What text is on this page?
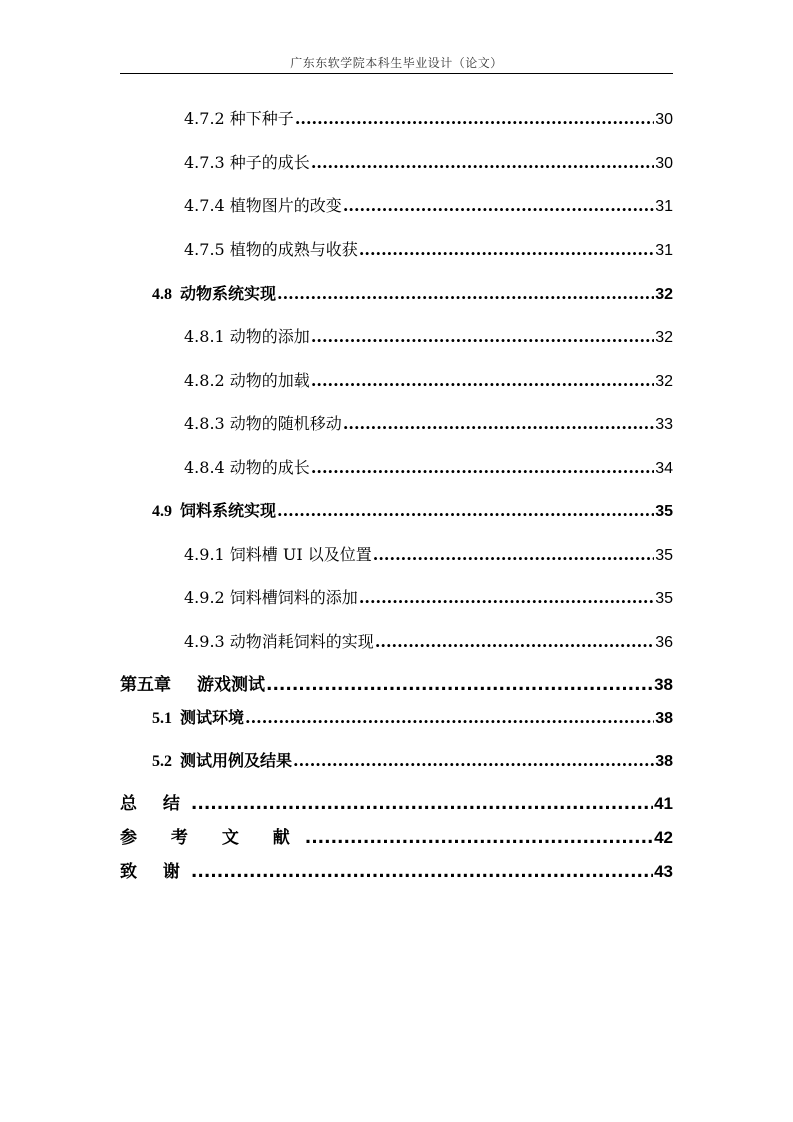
广东东软学院本科生毕业设计（论文）
4.7.2 种下种子 .....	30
4.7.3 种子的成长 .....	30
4.7.4 植物图片的改变 .....	31
4.7.5 植物的成熟与收获 .....	31
4.8 动物系统实现 .....	32
4.8.1 动物的添加 .....	32
4.8.2 动物的加载 .....	32
4.8.3 动物的随机移动 .....	33
4.8.4 动物的成长 .....	34
4.9 饲料系统实现 .....	35
4.9.1 饲料槽 UI 以及位置 .....	35
4.9.2 饲料槽饲料的添加 .....	35
4.9.3 动物消耗饲料的实现 .....	36
第五章 游戏测试 .....	38
5.1 测试环境 .....	38
5.2 测试用例及结果 .....	38
总 结 .....	41
参 考 文 献 .....	42
致 谢 .....	43
